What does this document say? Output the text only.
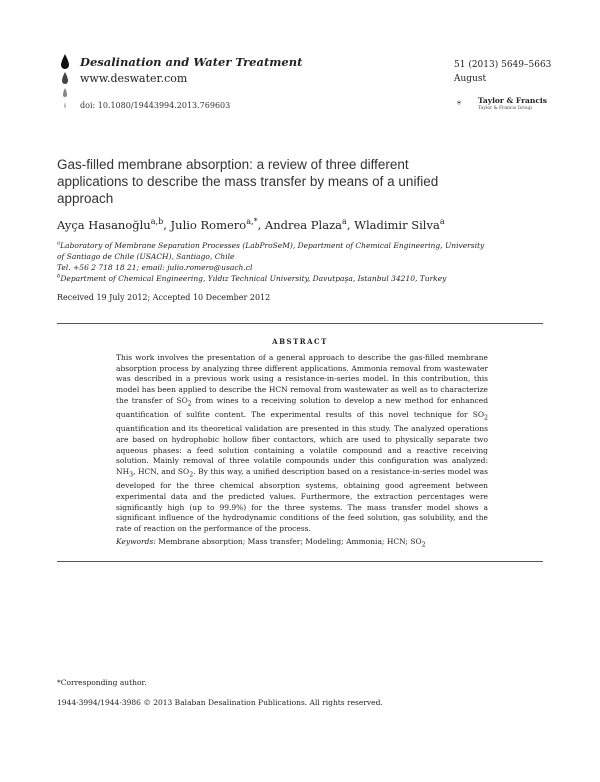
Desalination and Water Treatment
www.deswater.com
doi: 10.1080/19443994.2013.769603
51 (2013) 5649–5663
August
Taylor & Francis
Taylor & Francis Group
Gas-filled membrane absorption: a review of three different applications to describe the mass transfer by means of a unified approach
Ayça Hasanoğlu$^{a,b}$, Julio Romero$^{a,*}$, Andrea Plaza$^a$, Wladimir Silva$^a$
$^a$Laboratory of Membrane Separation Processes (LabProSeM), Department of Chemical Engineering, University of Santiago de Chile (USACH), Santiago, Chile
Tel. +56 2 718 18 21; email: julio.romero@usach.cl
$^b$Department of Chemical Engineering, Yıldız Technical University, Davutpaşa, Istanbul 34210, Turkey
Received 19 July 2012; Accepted 10 December 2012
ABSTRACT
This work involves the presentation of a general approach to describe the gas-filled membrane absorption process by analyzing three different applications. Ammonia removal from wastewater was described in a previous work using a resistance-in-series model. In this contribution, this model has been applied to describe the HCN removal from wastewater as well as to characterize the transfer of $SO_2$ from wines to a receiving solution to develop a new method for enhanced quantification of sulfite content. The experimental results of this novel technique for $SO_2$ quantification and its theoretical validation are presented in this study. The analyzed operations are based on hydrophobic hollow fiber contactors, which are used to physically separate two aqueous phases: a feed solution containing a volatile compound and a reactive receiving solution. Mainly removal of three volatile compounds under this configuration was analyzed: $NH_3$, HCN, and $SO_2$. By this way, a unified description based on a resistance-in-series model was developed for the three chemical absorption systems, obtaining good agreement between experimental data and the predicted values. Furthermore, the extraction percentages were significantly high (up to 99.9%) for the three systems. The mass transfer model shows a significant influence of the hydrodynamic conditions of the feed solution, gas solubility, and the rate of reaction on the performance of the process.
Keywords: Membrane absorption; Mass transfer; Modeling; Ammonia; HCN; $SO_2$
*Corresponding author.
1944-3994/1944-3986 © 2013 Balaban Desalination Publications. All rights reserved.
